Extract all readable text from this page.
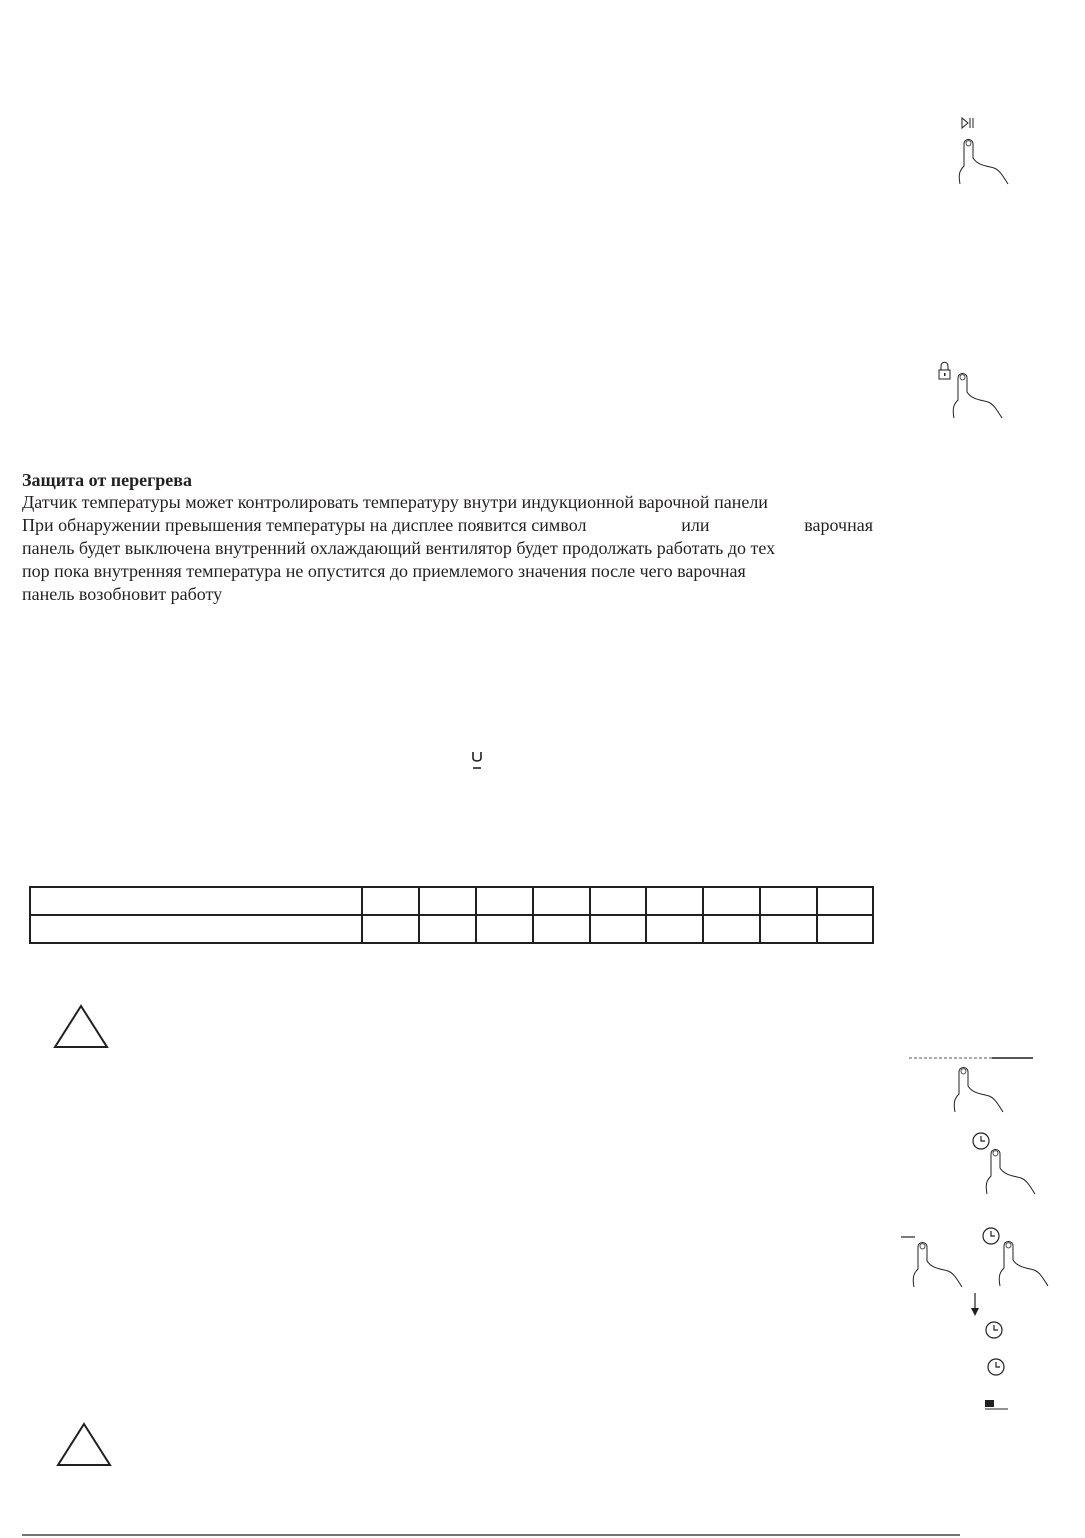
Защита от перегрева
Датчик температуры может контролировать температуру внутри индукционной варочной панели
При обнаружении превышения температуры на дисплее появится символ	или	варочная
панель будет выключена внутренний охлаждающий вентилятор будет продолжать работать до тех
пор пока внутренняя температура не опустится до приемлемого значения после чего варочная
панель возобновит работу
